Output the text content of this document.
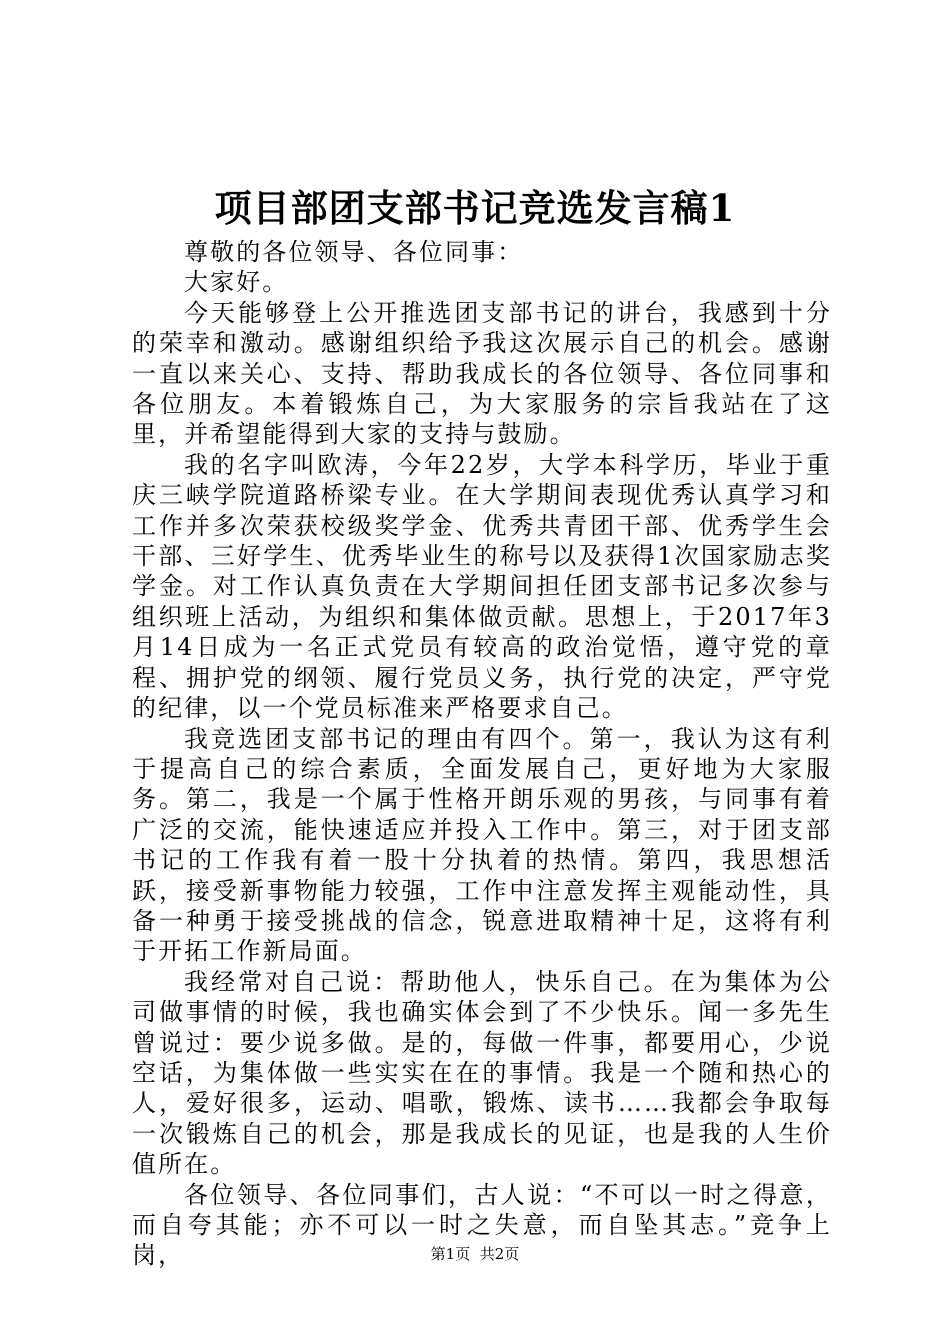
项目部团支部书记竞选发言稿1

尊敬的各位领导、各位同事：

大家好。

今天能够登上公开推选团支部书记的讲台，我感到十分的荣幸和激动。感谢组织给予我这次展示自己的机会。感谢一直以来关心、支持、帮助我成长的各位领导、各位同事和各位朋友。本着锻炼自己，为大家服务的宗旨我站在了这里，并希望能得到大家的支持与鼓励。

我的名字叫欧涛，今年22岁，大学本科学历，毕业于重庆三峡学院道路桥梁专业。在大学期间表现优秀认真学习和工作并多次荣获校级奖学金、优秀共青团干部、优秀学生会干部、三好学生、优秀毕业生的称号以及获得1次国家励志奖学金。对工作认真负责在大学期间担任团支部书记多次参与组织班上活动，为组织和集体做贡献。思想上，于2017年3月14日成为一名正式党员有较高的政治觉悟，遵守党的章程、拥护党的纲领、履行党员义务，执行党的决定，严守党的纪律，以一个党员标准来严格要求自己。

我竞选团支部书记的理由有四个。第一，我认为这有利于提高自己的综合素质，全面发展自己，更好地为大家服务。第二，我是一个属于性格开朗乐观的男孩，与同事有着广泛的交流，能快速适应并投入工作中。第三，对于团支部书记的工作我有着一股十分执着的热情。第四，我思想活跃，接受新事物能力较强，工作中注意发挥主观能动性，具备一种勇于接受挑战的信念，锐意进取精神十足，这将有利于开拓工作新局面。

我经常对自己说：帮助他人，快乐自己。在为集体为公司做事情的时候，我也确实体会到了不少快乐。闻一多先生曾说过：要少说多做。是的，每做一件事，都要用心，少说空话，为集体做一些实实在在的事情。我是一个随和热心的人，爱好很多，运动、唱歌，锻炼、读书……我都会争取每一次锻炼自己的机会，那是我成长的见证，也是我的人生价值所在。

各位领导、各位同事们，古人说：“不可以一时之得意，而自夸其能；亦不可以一时之失意，而自坠其志。”竞争上岗，	第1页 共2页
